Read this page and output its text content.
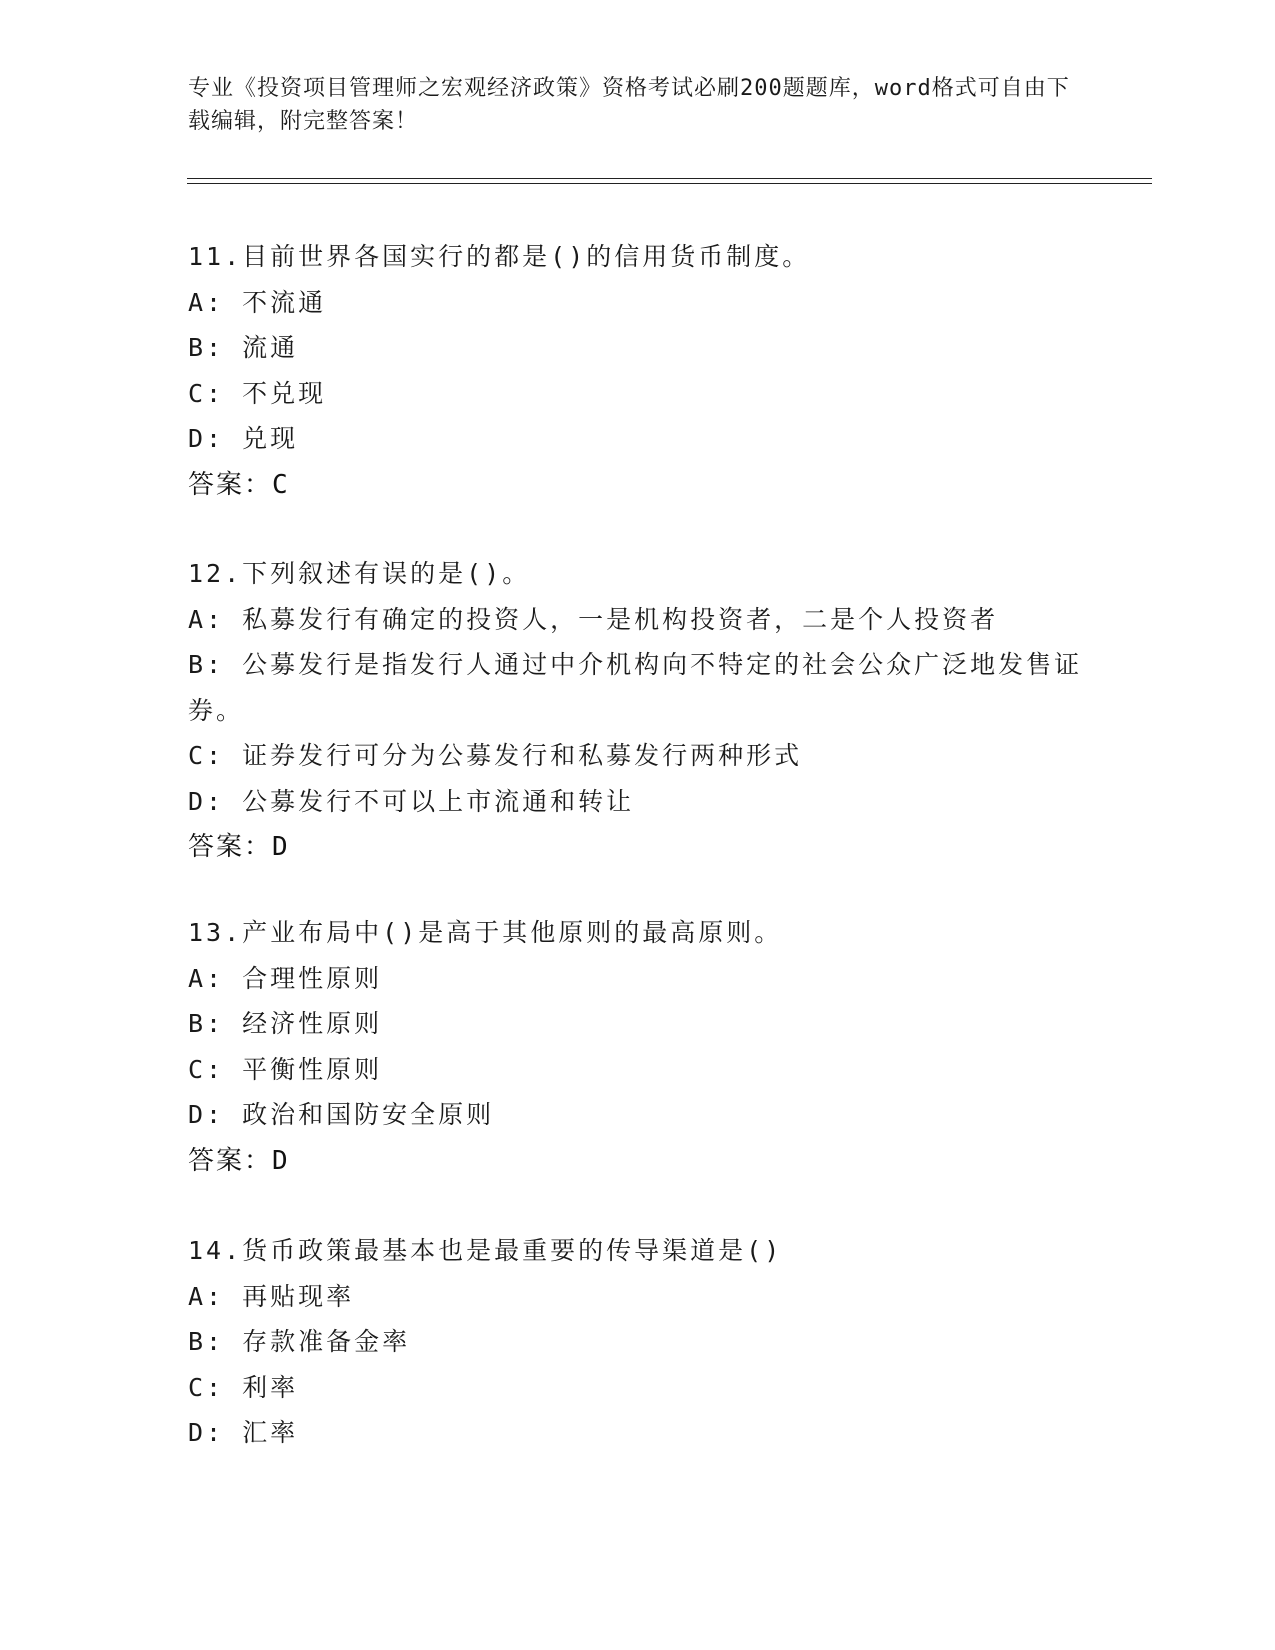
专业《投资项目管理师之宏观经济政策》资格考试必刷200题题库，word格式可自由下载编辑，附完整答案！
11.目前世界各国实行的都是()的信用货币制度。
A: 不流通
B: 流通
C: 不兑现
D: 兑现
答案：C
12.下列叙述有误的是()。
A: 私募发行有确定的投资人，一是机构投资者，二是个人投资者
B: 公募发行是指发行人通过中介机构向不特定的社会公众广泛地发售证券。
C: 证券发行可分为公募发行和私募发行两种形式
D: 公募发行不可以上市流通和转让
答案：D
13.产业布局中()是高于其他原则的最高原则。
A: 合理性原则
B: 经济性原则
C: 平衡性原则
D: 政治和国防安全原则
答案：D
14.货币政策最基本也是最重要的传导渠道是()
A: 再贴现率
B: 存款准备金率
C: 利率
D: 汇率
